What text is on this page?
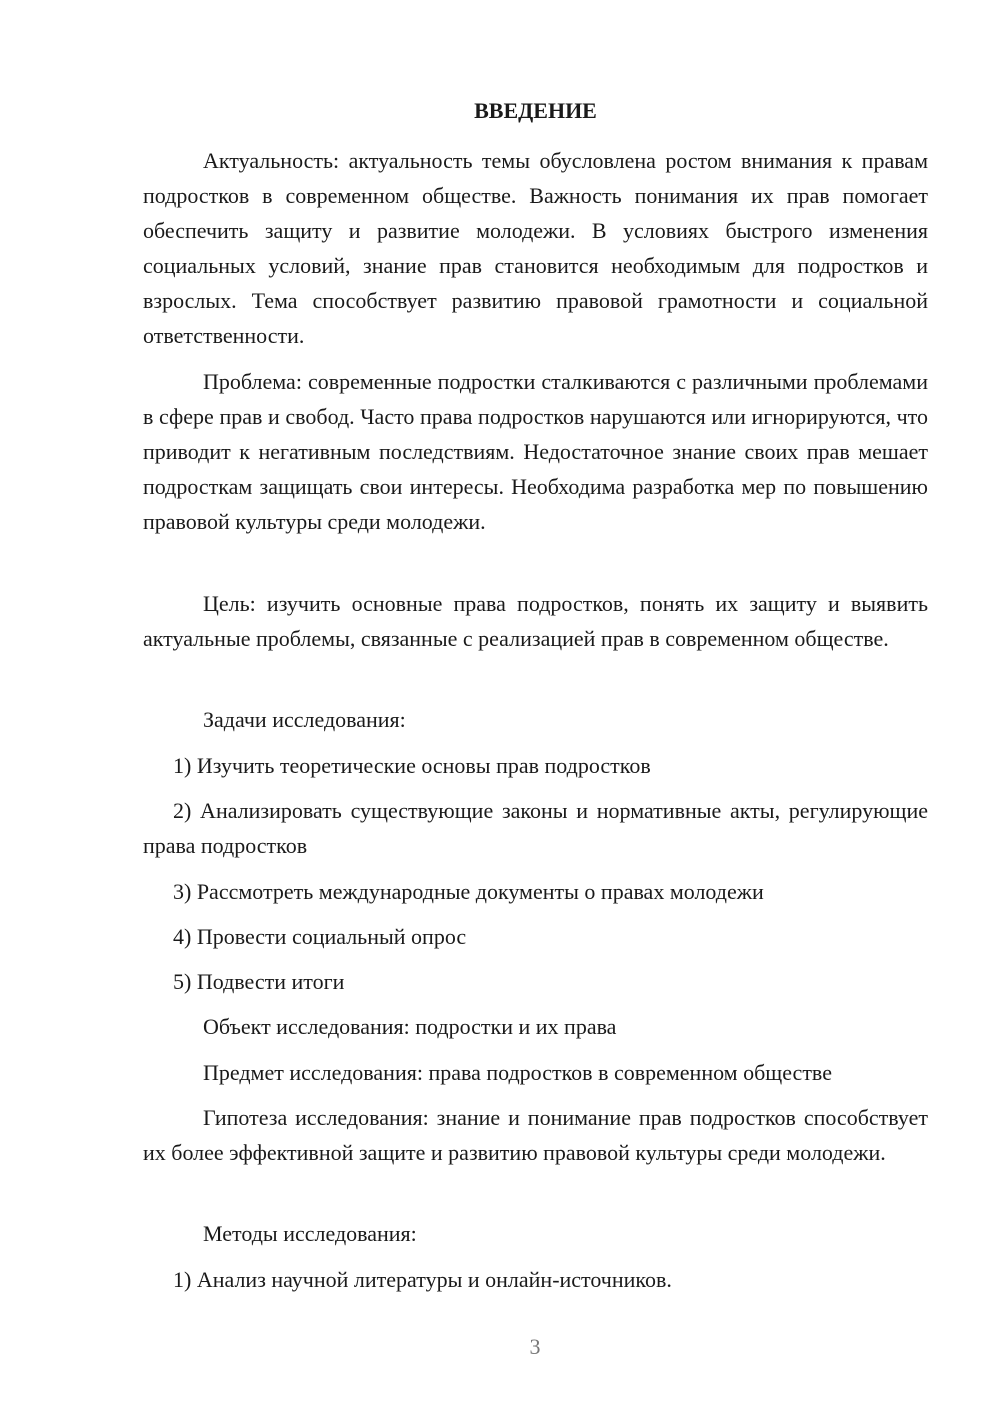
ВВЕДЕНИЕ

Актуальность: актуальность темы обусловлена ростом внимания к правам подростков в современном обществе. Важность понимания их прав помогает обеспечить защиту и развитие молодежи. В условиях быстрого изменения социальных условий, знание прав становится необходимым для подростков и взрослых. Тема способствует развитию правовой грамотности и социальной ответственности.

Проблема: современные подростки сталкиваются с различными проблемами в сфере прав и свобод. Часто права подростков нарушаются или игнорируются, что приводит к негативным последствиям. Недостаточное знание своих прав мешает подросткам защищать свои интересы. Необходима разработка мер по повышению правовой культуры среди молодежи.

Цель: изучить основные права подростков, понять их защиту и выявить актуальные проблемы, связанные с реализацией прав в современном обществе.

Задачи исследования:

1) Изучить теоретические основы прав подростков

2) Анализировать существующие законы и нормативные акты, регулирующие права подростков

3) Рассмотреть международные документы о правах молодежи

4) Провести социальный опрос

5) Подвести итоги

Объект исследования: подростки и их права

Предмет исследования: права подростков в современном обществе

Гипотеза исследования: знание и понимание прав подростков способствует их более эффективной защите и развитию правовой культуры среди молодежи.

Методы исследования:

1) Анализ научной литературы и онлайн-источников.

3
